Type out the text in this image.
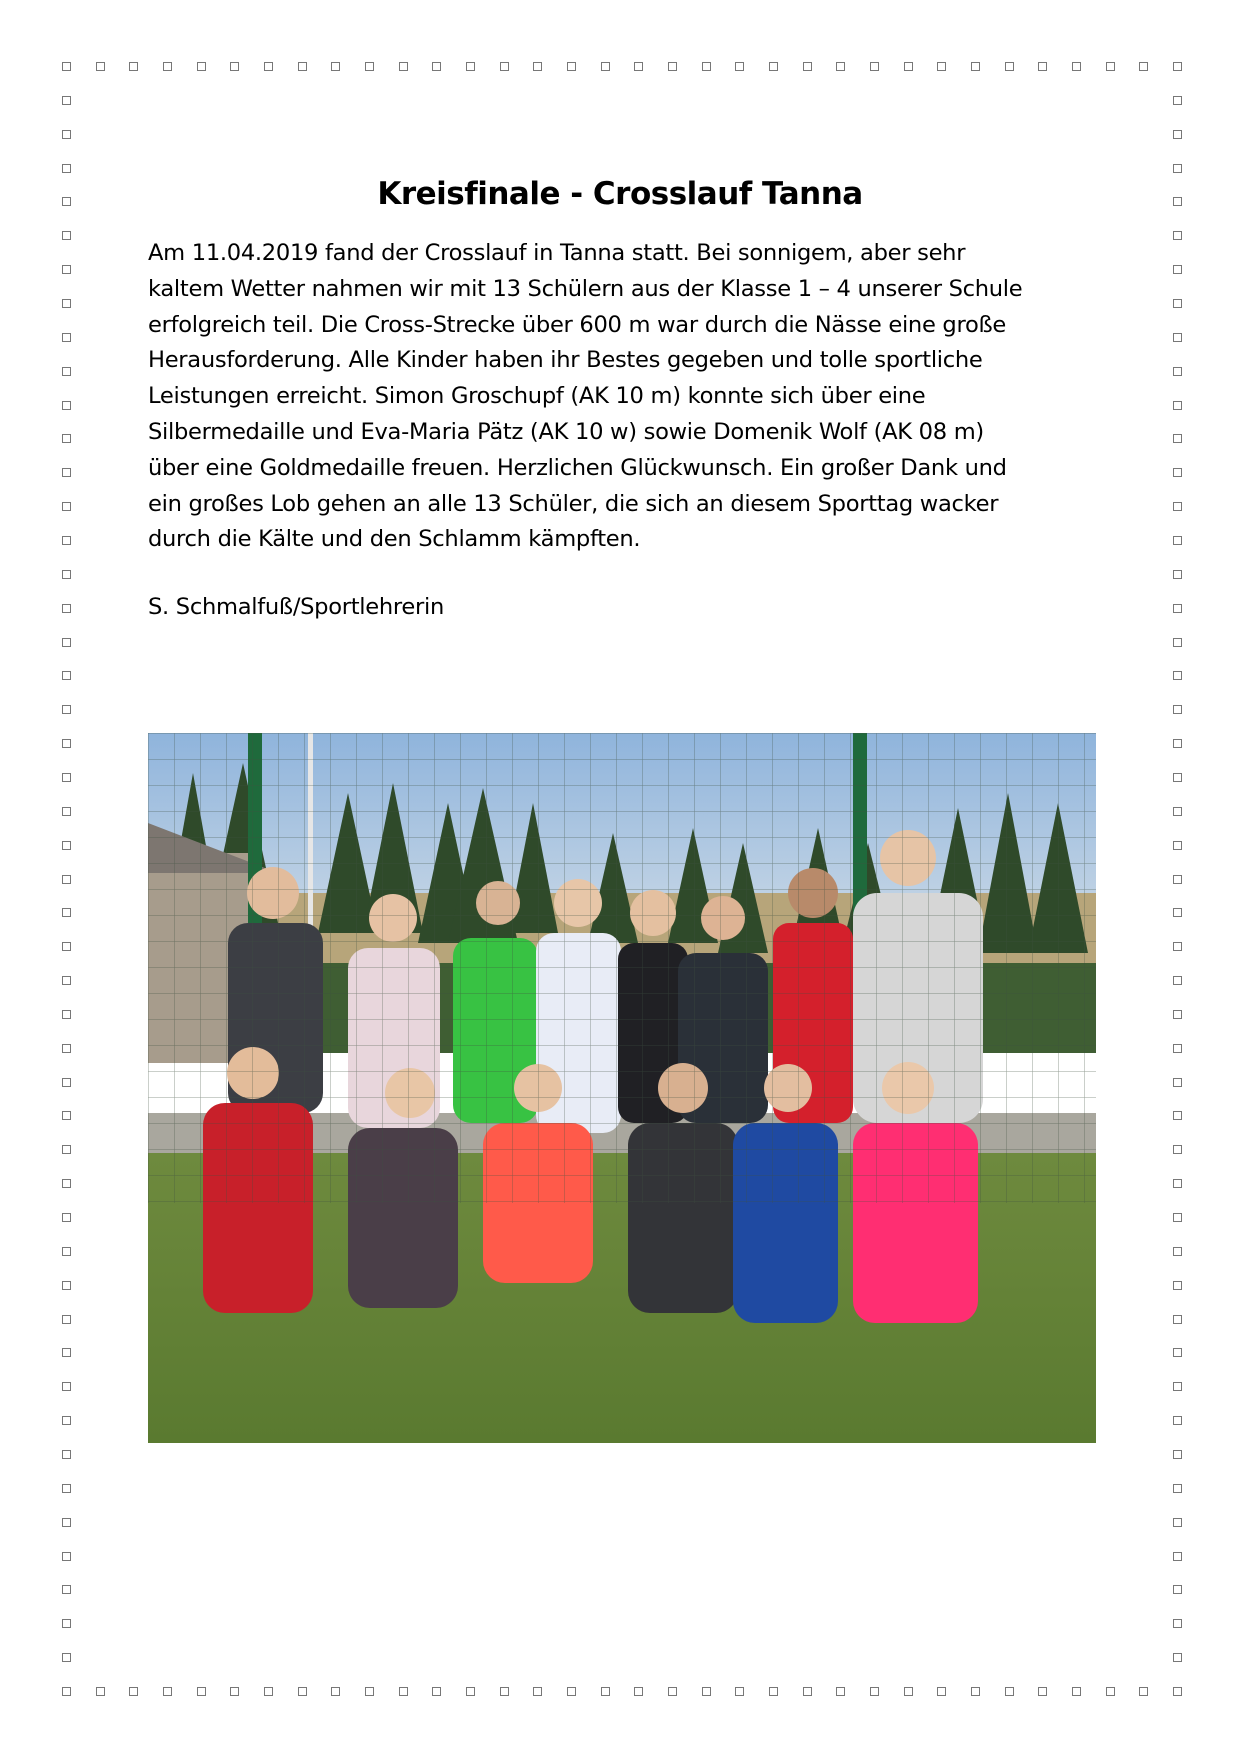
Kreisfinale - Crosslauf Tanna
Am 11.04.2019 fand der Crosslauf in Tanna statt. Bei sonnigem, aber sehr
kaltem Wetter nahmen wir mit 13 Schülern aus der Klasse 1 – 4 unserer Schule
erfolgreich teil. Die Cross-Strecke über 600 m war durch die Nässe eine große
Herausforderung. Alle Kinder haben ihr Bestes gegeben und tolle sportliche
Leistungen erreicht. Simon Groschupf (AK 10 m) konnte sich über eine
Silbermedaille und Eva-Maria Pätz (AK 10 w) sowie Domenik Wolf (AK 08 m)
über eine Goldmedaille freuen. Herzlichen Glückwunsch. Ein großer Dank und
ein großes Lob gehen an alle 13 Schüler, die sich an diesem Sporttag wacker
durch die Kälte und den Schlamm kämpften.
S. Schmalfuß/Sportlehrerin
